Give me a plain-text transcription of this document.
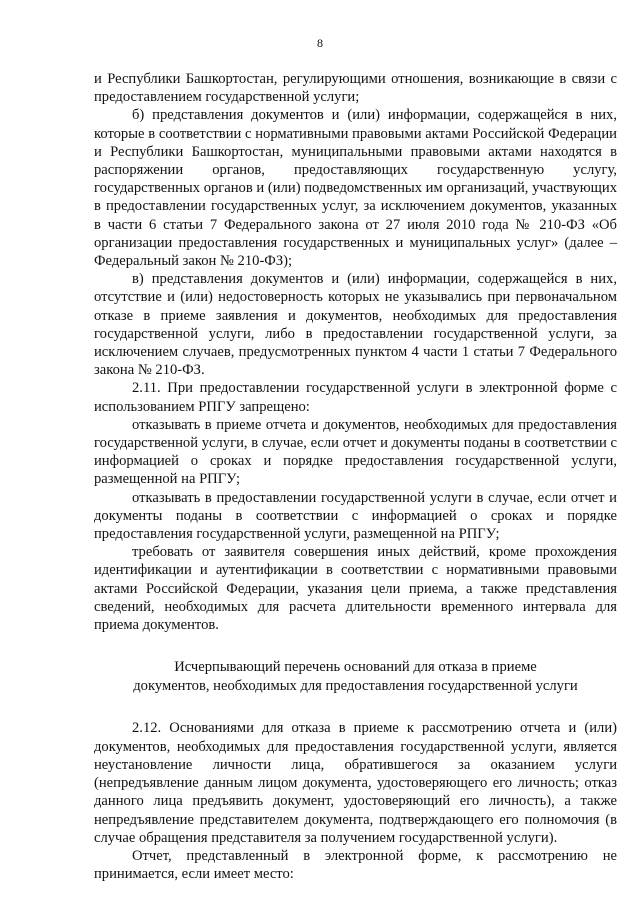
8

и Республики Башкортостан, регулирующими отношения, возникающие в связи с предоставлением государственной услуги;

б) представления документов и (или) информации, содержащейся в них, которые в соответствии с нормативными правовыми актами Российской Федерации и Республики Башкортостан, муниципальными правовыми актами находятся в распоряжении органов, предоставляющих государственную услугу, государственных органов и (или) подведомственных им организаций, участвующих в предоставлении государственных услуг, за исключением документов, указанных в части 6 статьи 7 Федерального закона от 27 июля 2010 года № 210-ФЗ «Об организации предоставления государственных и муниципальных услуг» (далее – Федеральный закон № 210-ФЗ);

в) представления документов и (или) информации, содержащейся в них, отсутствие и (или) недостоверность которых не указывались при первоначальном отказе в приеме заявления и документов, необходимых для предоставления государственной услуги, либо в предоставлении государственной услуги, за исключением случаев, предусмотренных пунктом 4 части 1 статьи 7 Федерального закона № 210-ФЗ.

2.11. При предоставлении государственной услуги в электронной форме с использованием РПГУ запрещено:

отказывать в приеме отчета и документов, необходимых для предоставления государственной услуги, в случае, если отчет и документы поданы в соответствии с информацией о сроках и порядке предоставления государственной услуги, размещенной на РПГУ;

отказывать в предоставлении государственной услуги в случае, если отчет и документы поданы в соответствии с информацией о сроках и порядке предоставления государственной услуги, размещенной на РПГУ;

требовать от заявителя совершения иных действий, кроме прохождения идентификации и аутентификации в соответствии с нормативными правовыми актами Российской Федерации, указания цели приема, а также представления сведений, необходимых для расчета длительности временного интервала для приема документов.

Исчерпывающий перечень оснований для отказа в приеме
документов, необходимых для предоставления государственной услуги

2.12. Основаниями для отказа в приеме к рассмотрению отчета и (или) документов, необходимых для предоставления государственной услуги, является неустановление личности лица, обратившегося за оказанием услуги (непредъявление данным лицом документа, удостоверяющего его личность; отказ данного лица предъявить документ, удостоверяющий его личность), а также непредъявление представителем документа, подтверждающего его полномочия (в случае обращения представителя за получением государственной услуги).

Отчет, представленный в электронной форме, к рассмотрению не принимается, если имеет место:
